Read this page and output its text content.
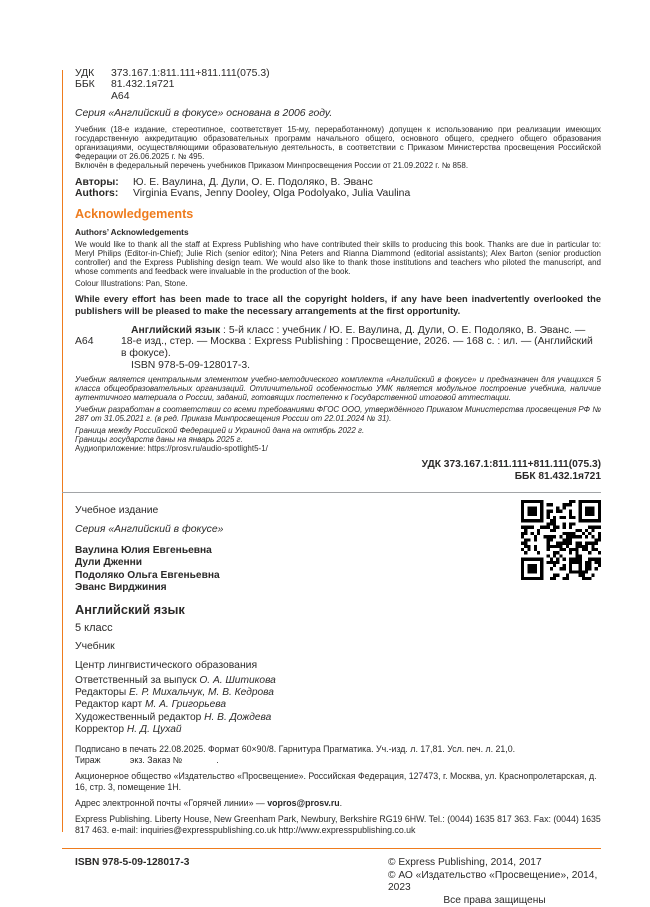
УДК 373.167.1:811.111+811.111(075.3)
ББК 81.432.1я721
А64
Серия «Английский в фокусе» основана в 2006 году.
Учебник (18-е издание, стереотипное, соответствует 15-му, переработанному) допущен к использованию при реализации имеющих государственную аккредитацию образовательных программ начального общего, основного общего, среднего общего образования организациями, осуществляющими образовательную деятельность, в соответствии с Приказом Министерства просвещения Российской Федерации от 26.06.2025 г. № 495.
Включён в федеральный перечень учебников Приказом Минпросвещения России от 21.09.2022 г. № 858.
Авторы: Ю. Е. Ваулина, Д. Дули, О. Е. Подоляко, В. Эванс
Authors: Virginia Evans, Jenny Dooley, Olga Podolyako, Julia Vaulina
Acknowledgements
Authors’ Acknowledgements
We would like to thank all the staff at Express Publishing who have contributed their skills to producing this book. Thanks are due in particular to: Meryl Philips (Editor-in-Chief); Julie Rich (senior editor); Nina Peters and Rianna Diammond (editorial assistants); Alex Barton (senior production controller) and the Express Publishing design team. We would also like to thank those institutions and teachers who piloted the manuscript, and whose comments and feedback were invaluable in the production of the book.
Colour Illustrations: Pan, Stone.
While every effort has been made to trace all the copyright holders, if any have been inadvertently overlooked the publishers will be pleased to make the necessary arrangements at the first opportunity.
А64
Английский язык : 5-й класс : учебник / Ю. Е. Ваулина, Д. Дули, О. Е. Подоляко, В. Эванс. —
18-е изд., стер. — Москва : Express Publishing : Просвещение, 2026. — 168 с. : ил. — (Английский в фокусе).
ISBN 978-5-09-128017-3.
Учебник является центральным элементом учебно-методического комплекта «Английский в фокусе» и предназначен для учащихся 5 класса общеобразовательных организаций. Отличительной особенностью УМК является модульное построение учебника, наличие аутентичного материала о России, заданий, готовящих постепенно к Государственной итоговой аттестации.
Учебник разработан в соответствии со всеми требованиями ФГОС ООО, утверждённого Приказом Министерства просвещения РФ № 287 от 31.05.2021 г. (в ред. Приказа Минпросвещения России от 22.01.2024 № 31).
Граница между Российской Федерацией и Украиной дана на октябрь 2022 г.
Границы государств даны на январь 2025 г.
Аудиоприложение: https://prosv.ru/audio-spotlight5-1/
УДК 373.167.1:811.111+811.111(075.3)
ББК 81.432.1я721
Учебное издание
Серия «Английский в фокусе»
Ваулина Юлия Евгеньевна
Дули Дженни
Подоляко Ольга Евгеньевна
Эванс Вирджиния
Английский язык
5 класс
Учебник
Центр лингвистического образования
Ответственный за выпуск О. А. Шитикова
Редакторы Е. Р. Михальчук, М. В. Кедрова
Редактор карт М. А. Григорьева
Художественный редактор Н. В. Дождева
Корректор Н. Д. Цухай
Подписано в печать 22.08.2025. Формат 60×90/8. Гарнитура Прагматика. Уч.-изд. л. 17,81. Усл. печ. л. 21,0.
Тираж            экз. Заказ №              .
Акционерное общество «Издательство «Просвещение». Российская Федерация, 127473, г. Москва, ул. Краснопролетарская, д. 16, стр. 3, помещение 1Н.
Адрес электронной почты «Горячей линии» — vopros@prosv.ru.
Express Publishing. Liberty House, New Greenham Park, Newbury, Berkshire RG19 6HW. Tel.: (0044) 1635 817 363. Fax: (0044) 1635 817 463. e-mail: inquiries@expresspublishing.co.uk http://www.expresspublishing.co.uk
ISBN 978-5-09-128017-3	© Express Publishing, 2014, 2017
© АО «Издательство «Просвещение», 2014, 2023
Все права защищены
